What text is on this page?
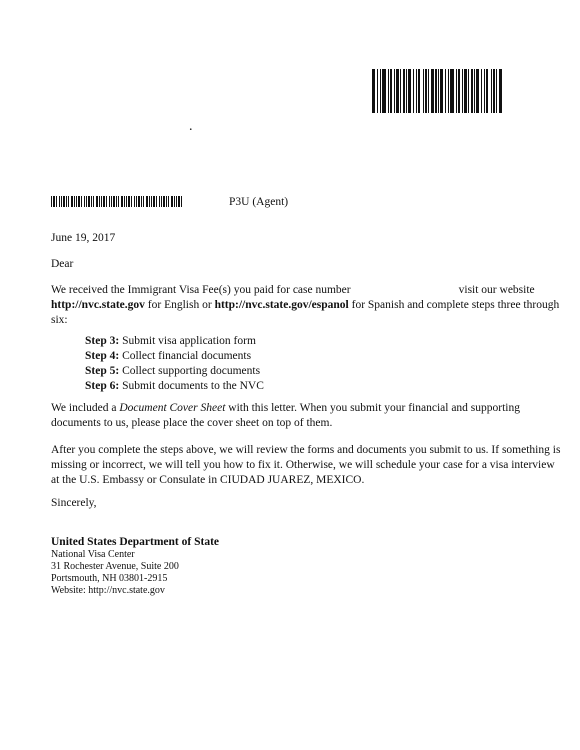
.
P3U (Agent)

June 19, 2017

Dear

We received the Immigrant Visa Fee(s) you paid for case number	visit our website http://nvc.state.gov for English or http://nvc.state.gov/espanol for Spanish and complete steps three through six:

Step 3: Submit visa application form
Step 4: Collect financial documents
Step 5: Collect supporting documents
Step 6: Submit documents to the NVC

We included a Document Cover Sheet with this letter. When you submit your financial and supporting documents to us, please place the cover sheet on top of them.

After you complete the steps above, we will review the forms and documents you submit to us. If something is missing or incorrect, we will tell you how to fix it. Otherwise, we will schedule your case for a visa interview at the U.S. Embassy or Consulate in CIUDAD JUAREZ, MEXICO.

Sincerely,

United States Department of State
National Visa Center
31 Rochester Avenue, Suite 200
Portsmouth, NH 03801-2915
Website: http://nvc.state.gov
